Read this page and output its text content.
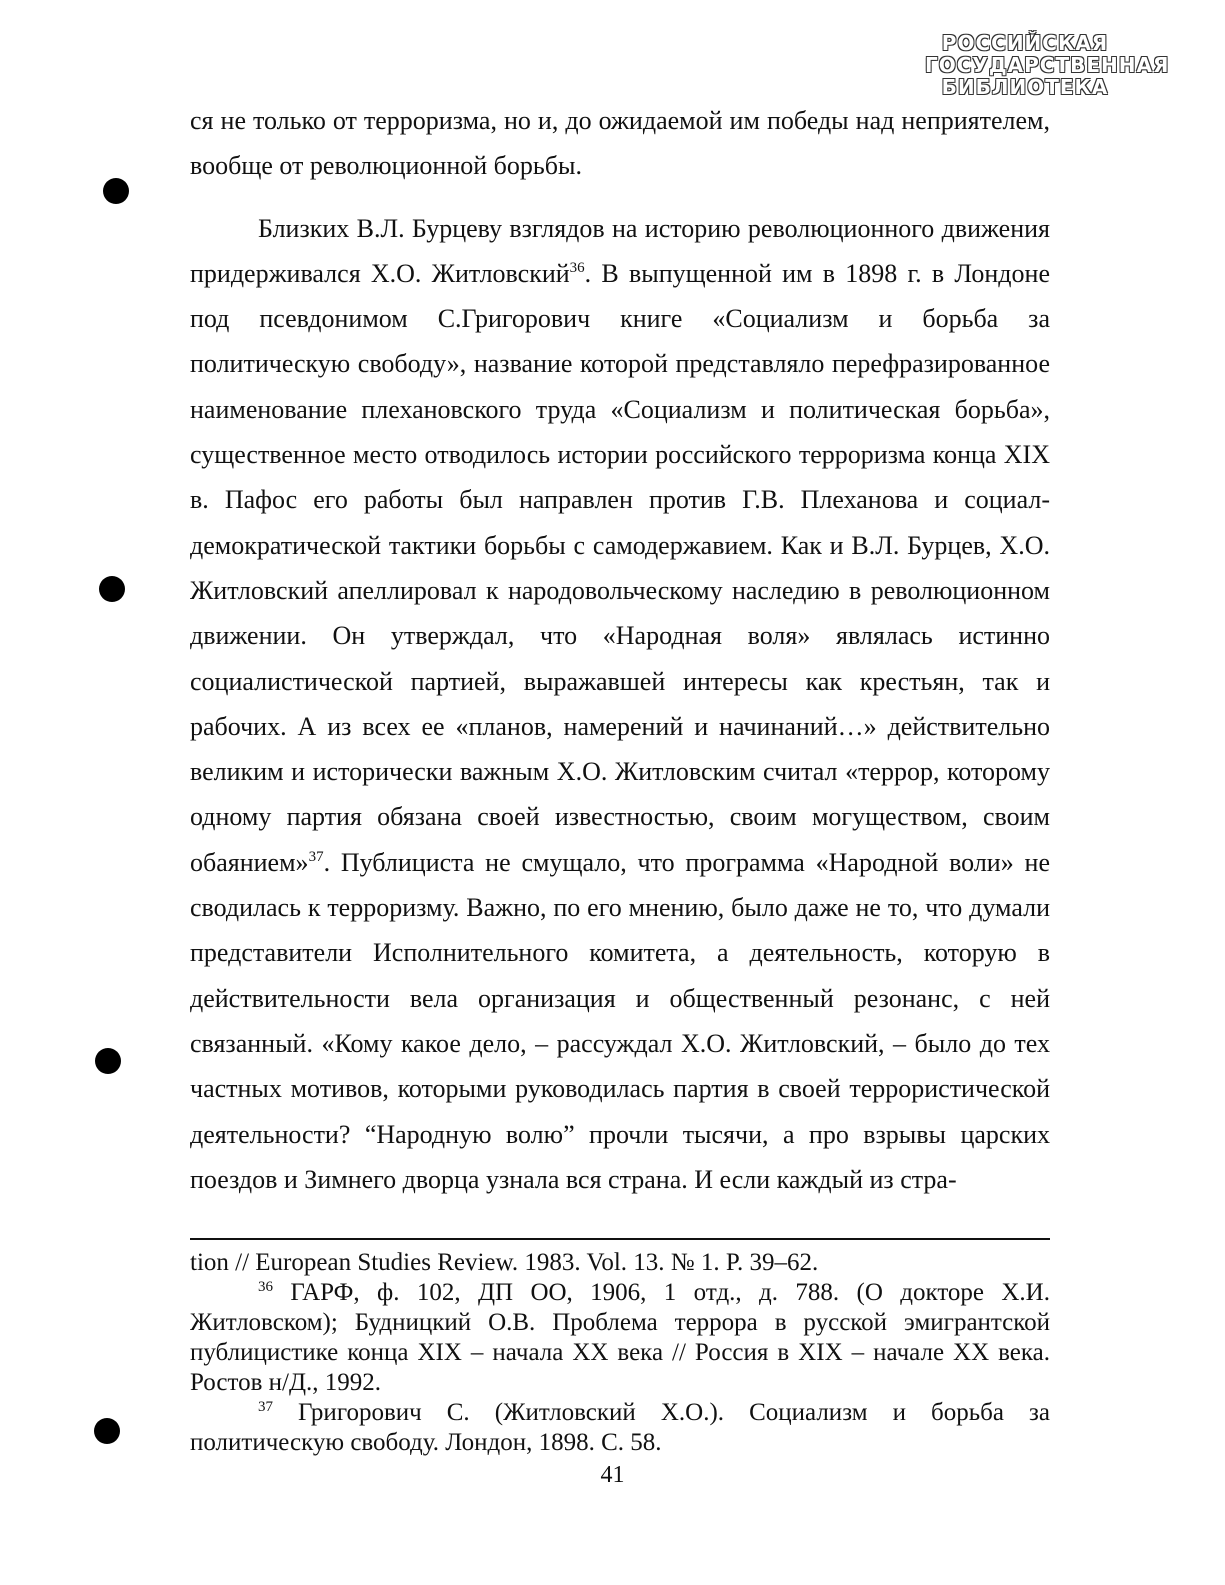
РОССИЙСКАЯ
ГОСУДАРСТВЕННАЯ
БИБЛИОТЕКА

ся не только от терроризма, но и, до ожидаемой им победы над неприятелем, вообще от революционной борьбы.

Близких В.Л. Бурцеву взглядов на историю революционного движения придерживался Х.О. Житловский$^{36}$. В выпущенной им в 1898 г. в Лондоне под псевдонимом С.Григорович книге «Социализм и борьба за политическую свободу», название которой представляло перефразированное наименование плехановского труда «Социализм и политическая борьба», существенное место отводилось истории российского терроризма конца XIX в. Пафос его работы был направлен против Г.В. Плеханова и социал-демократической тактики борьбы с самодержавием. Как и В.Л. Бурцев, Х.О. Житловский апеллировал к народовольческому наследию в революционном движении. Он утверждал, что «Народная воля» являлась истинно социалистической партией, выражавшей интересы как крестьян, так и рабочих. А из всех ее «планов, намерений и начинаний…» действительно великим и исторически важным Х.О. Житловским считал «террор, которому одному партия обязана своей известностью, своим могуществом, своим обаянием»$^{37}$. Публициста не смущало, что программа «Народной воли» не сводилась к терроризму. Важно, по его мнению, было даже не то, что думали представители Исполнительного комитета, а деятельность, которую в действительности вела организация и общественный резонанс, с ней связанный. «Кому какое дело, – рассуждал Х.О. Житловский, – было до тех частных мотивов, которыми руководилась партия в своей террористической деятельности? “Народную волю” прочли тысячи, а про взрывы царских поездов и Зимнего дворца узнала вся страна. И если каждый из стра-

tion // European Studies Review. 1983. Vol. 13. № 1. P. 39–62.

$^{36}$ ГАРФ, ф. 102, ДП ОО, 1906, 1 отд., д. 788. (О докторе Х.И. Житловском); Будницкий О.В. Проблема террора в русской эмигрантской публицистике конца XIX – начала XX века // Россия в XIX – начале XX века. Ростов н/Д., 1992.

$^{37}$ Григорович С. (Житловский Х.О.). Социализм и борьба за политическую свободу. Лондон, 1898. С. 58.

41
